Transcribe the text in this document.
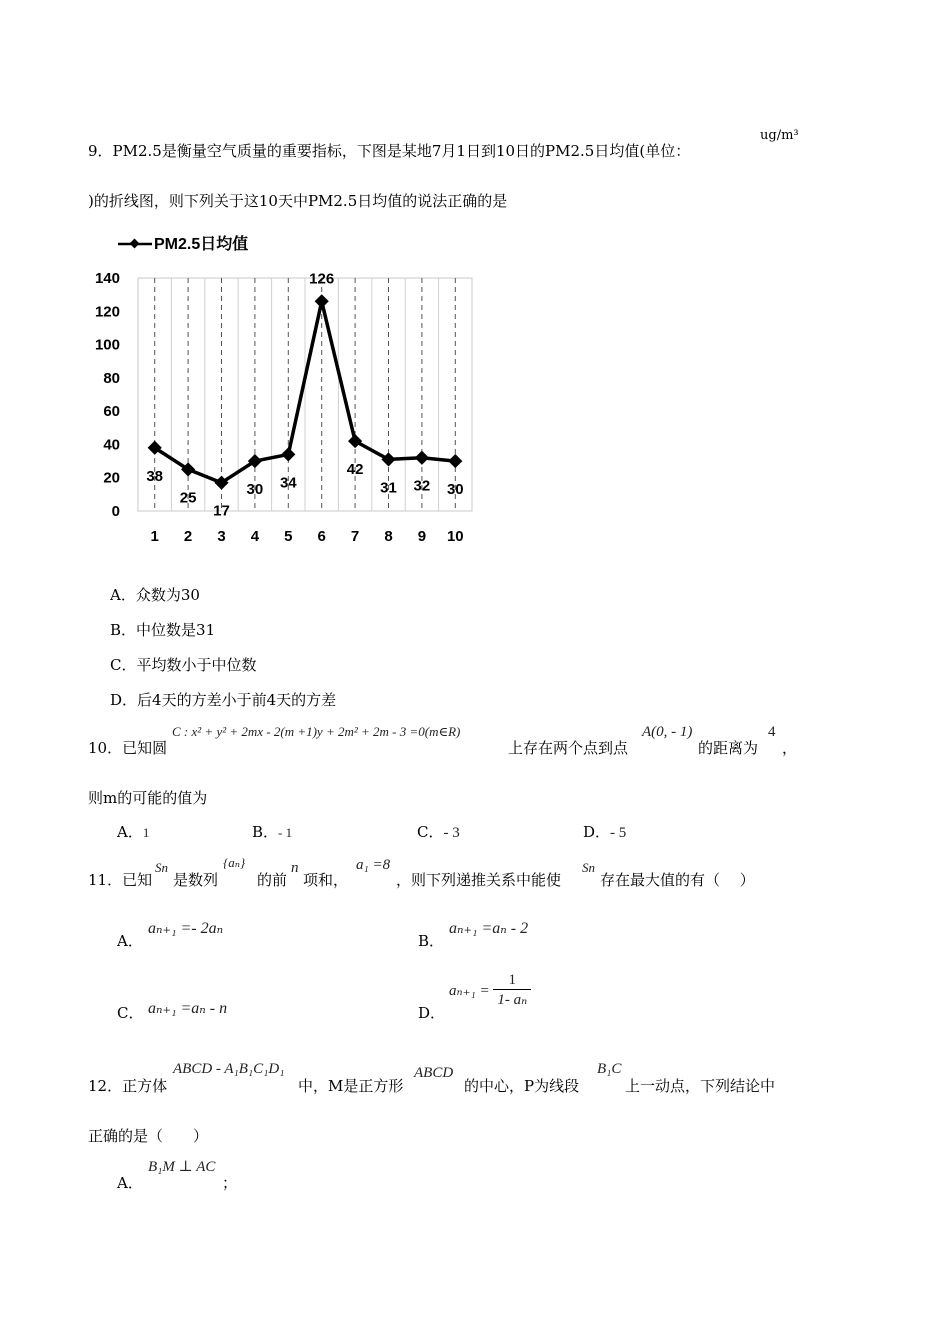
9．PM2.5是衡量空气质量的重要指标，下图是某地7月1日到10日的PM2.5日均值(单位：
ug/m³
)的折线图，则下列关于这10天中PM2.5日均值的说法正确的是
PM2.5日均值
0
20
40
60
80
100
120
140
1 2 3 4 5 6 7 8 9 10
38
25
17
30 34
126
42
31 32 30
A．众数为30
B．中位数是31
C．平均数小于中位数
D．后4天的方差小于前4天的方差
10．已知圆
C : x² + y² + 2mx - 2(m +1)y + 2m² + 2m - 3 =0(m∈R)
上存在两个点到点
A(0, - 1)
的距离为
4
，
则m的可能的值为
A．1	B．- 1	C．- 3	D．- 5
11．已知
Sn
是数列
{aₙ}
的前
n
项和，
a₁ =8
，则下列递推关系中能使
Sn
存在最大值的有（　 ）
A．
aₙ₊₁ =- 2aₙ
B．
aₙ₊₁ =aₙ - 2
C． aₙ₊₁ =aₙ - n	D．
$a_{n+1} = \frac{1}{\text{1- aₙ}}$
12．正方体
ABCD - A₁B₁C₁D₁
中，M是正方形
ABCD
的中心，P为线段
B₁C
上一动点，下列结论中
正确的是（　　）
A．
B₁M ⊥ AC
；
